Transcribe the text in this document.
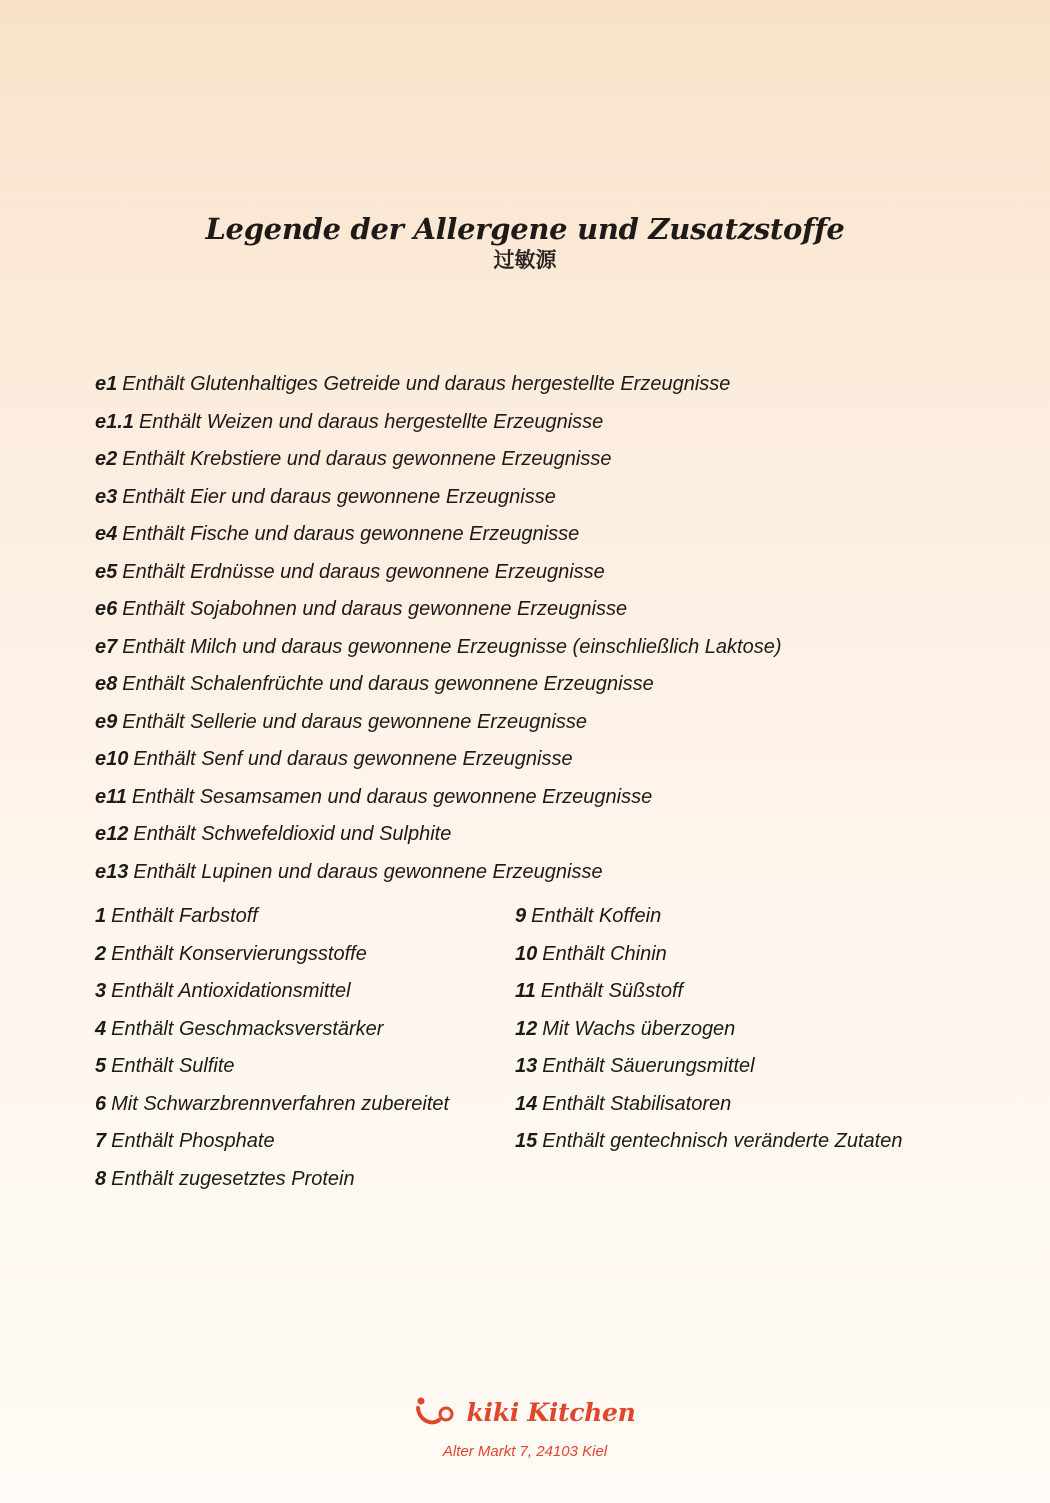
Legende der Allergene und Zusatzstoffe
过敏源
e1 Enthält Glutenhaltiges Getreide und daraus hergestellte Erzeugnisse
e1.1 Enthält Weizen und daraus hergestellte Erzeugnisse
e2 Enthält Krebstiere und daraus gewonnene Erzeugnisse
e3 Enthält Eier und daraus gewonnene Erzeugnisse
e4 Enthält Fische und daraus gewonnene Erzeugnisse
e5 Enthält Erdnüsse und daraus gewonnene Erzeugnisse
e6 Enthält Sojabohnen und daraus gewonnene Erzeugnisse
e7 Enthält Milch und daraus gewonnene Erzeugnisse (einschließlich Laktose)
e8 Enthält Schalenfrüchte und daraus gewonnene Erzeugnisse
e9 Enthält Sellerie und daraus gewonnene Erzeugnisse
e10 Enthält Senf und daraus gewonnene Erzeugnisse
e11 Enthält Sesamsamen und daraus gewonnene Erzeugnisse
e12 Enthält Schwefeldioxid und Sulphite
e13 Enthält Lupinen und daraus gewonnene Erzeugnisse
1 Enthält Farbstoff
2 Enthält Konservierungsstoffe
3 Enthält Antioxidationsmittel
4 Enthält Geschmacksverstärker
5 Enthält Sulfite
6 Mit Schwarzbrennverfahren zubereitet
7 Enthält Phosphate
8 Enthält zugesetztes Protein
9 Enthält Koffein
10 Enthält Chinin
11 Enthält Süßstoff
12 Mit Wachs überzogen
13 Enthält Säuerungsmittel
14 Enthält Stabilisatoren
15 Enthält gentechnisch veränderte Zutaten
kiki Kitchen
Alter Markt 7, 24103 Kiel
